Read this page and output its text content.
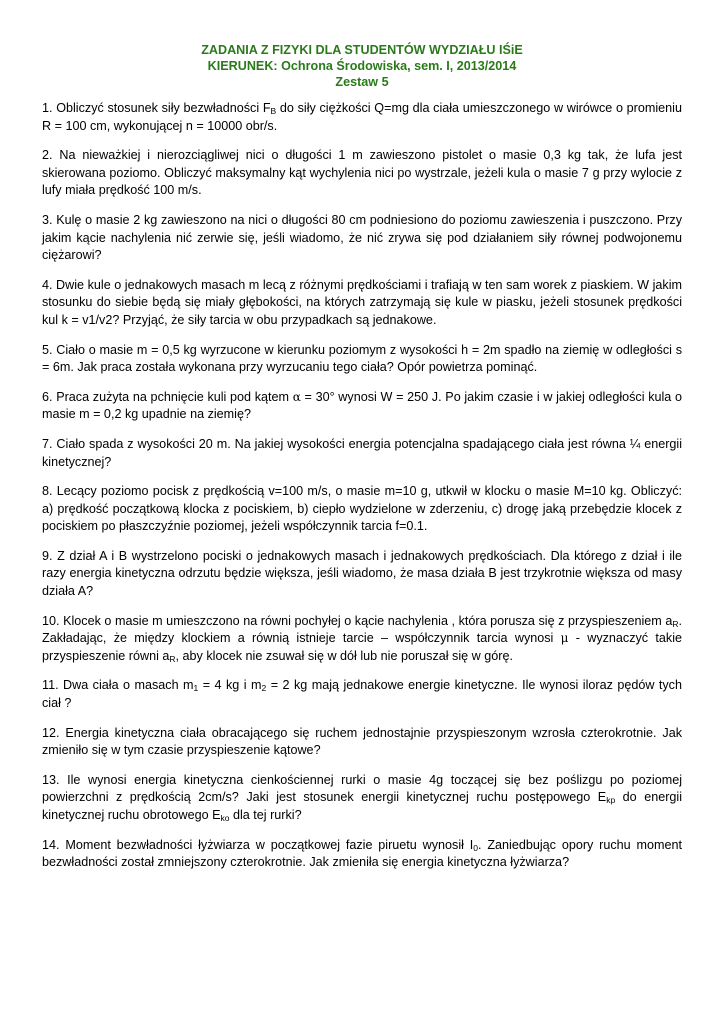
ZADANIA Z FIZYKI DLA STUDENTÓW WYDZIAŁU IŚiE
KIERUNEK: Ochrona Środowiska, sem. I, 2013/2014
Zestaw 5

1. Obliczyć stosunek siły bezwładności $F_B$ do siły ciężkości Q=mg dla ciała umieszczonego w wirówce o promieniu R = 100 cm, wykonującej n = 10000 obr/s.

2. Na nieważkiej i nierozciągliwej nici o długości 1 m zawieszono pistolet o masie 0,3 kg tak, że lufa jest skierowana poziomo. Obliczyć maksymalny kąt wychylenia nici po wystrzale, jeżeli kula o masie 7 g przy wylocie z lufy miała prędkość 100 m/s.

3. Kulę o masie 2 kg zawieszono na nici o długości 80 cm podniesiono do poziomu zawieszenia i puszczono. Przy jakim kącie nachylenia nić zerwie się, jeśli wiadomo, że nić zrywa się pod działaniem siły równej podwojonemu ciężarowi?

4. Dwie kule o jednakowych masach m lecą z różnymi prędkościami i trafiają w ten sam worek z piaskiem. W jakim stosunku do siebie będą się miały głębokości, na których zatrzymają się kule w piasku, jeżeli stosunek prędkości kul k = v1/v2? Przyjąć, że siły tarcia w obu przypadkach są jednakowe.

5. Ciało o masie m = 0,5 kg wyrzucone w kierunku poziomym z wysokości h = 2m spadło na ziemię w odległości s = 6m. Jak praca została wykonana przy wyrzucaniu tego ciała? Opór powietrza pominąć.

6. Praca zużyta na pchnięcie kuli pod kątem α = 30° wynosi W = 250 J. Po jakim czasie i w jakiej odległości kula o masie m = 0,2 kg upadnie na ziemię?

7. Ciało spada z wysokości 20 m. Na jakiej wysokości energia potencjalna spadającego ciała jest równa ¼ energii kinetycznej?

8. Lecący poziomo pocisk z prędkością v=100 m/s, o masie m=10 g, utkwił w klocku o masie M=10 kg. Obliczyć: a) prędkość początkową klocka z pociskiem, b) ciepło wydzielone w zderzeniu, c) drogę jaką przebędzie klocek z pociskiem po płaszczyźnie poziomej, jeżeli współczynnik tarcia f=0.1.

9. Z dział A i B wystrzelono pociski o jednakowych masach i jednakowych prędkościach. Dla którego z dział i ile razy energia kinetyczna odrzutu będzie większa, jeśli wiadomo, że masa działa B jest trzykrotnie większa od masy działa A?

10. Klocek o masie m umieszczono na równi pochyłej o kącie nachylenia , która porusza się z przyspieszeniem $a_R$. Zakładając, że między klockiem a równią istnieje tarcie – współczynnik tarcia wynosi μ - wyznaczyć takie przyspieszenie równi $a_R$, aby klocek nie zsuwał się w dół lub nie poruszał się w górę.

11. Dwa ciała o masach $m_1 = 4$ kg i $m_2 = 2$ kg mają jednakowe energie kinetyczne. Ile wynosi iloraz pędów tych ciał ?

12. Energia kinetyczna ciała obracającego się ruchem jednostajnie przyspieszonym wzrosła czterokrotnie. Jak zmieniło się w tym czasie przyspieszenie kątowe?

13. Ile wynosi energia kinetyczna cienkościennej rurki o masie 4g toczącej się bez poślizgu po poziomej powierzchni z prędkością 2cm/s? Jaki jest stosunek energii kinetycznej ruchu postępowego $E_{kp}$ do energii kinetycznej ruchu obrotowego $E_{ko}$ dla tej rurki?

14. Moment bezwładności łyżwiarza w początkowej fazie piruetu wynosił $I_0$. Zaniedbując opory ruchu moment bezwładności został zmniejszony czterokrotnie. Jak zmieniła się energia kinetyczna łyżwiarza?
